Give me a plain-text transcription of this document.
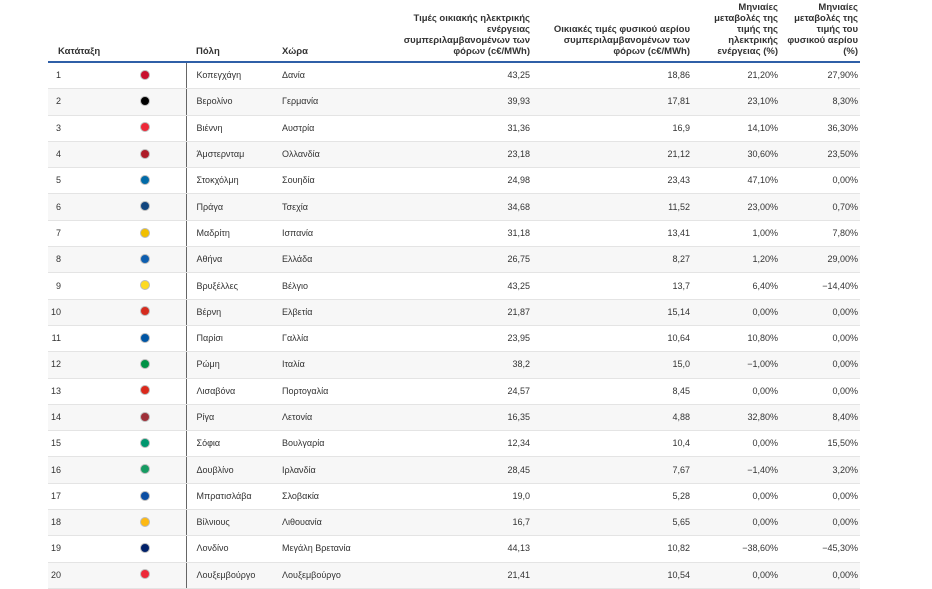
Κατάταξη		Πόλη	Χώρα	Τιμές οικιακής ηλεκτρικής ενέργειας συμπεριλαμβανομένων των φόρων (c€/MWh)	Οικιακές τιμές φυσικού αερίου συμπεριλαμβανομένων των φόρων (c€/MWh)	Μηνιαίες μεταβολές της τιμής της ηλεκτρικής ενέργειας (%)	Μηνιαίες μεταβολές της τιμής του φυσικού αερίου (%)
1		Κοπεγχάγη	Δανία	43,25	18,86	21,20%	27,90%
2		Βερολίνο	Γερμανία	39,93	17,81	23,10%	8,30%
3		Βιέννη	Αυστρία	31,36	16,9	14,10%	36,30%
4		Άμστερνταμ	Ολλανδία	23,18	21,12	30,60%	23,50%
5		Στοκχόλμη	Σουηδία	24,98	23,43	47,10%	0,00%
6		Πράγα	Τσεχία	34,68	11,52	23,00%	0,70%
7		Μαδρίτη	Ισπανία	31,18	13,41	1,00%	7,80%
8		Αθήνα	Ελλάδα	26,75	8,27	1,20%	29,00%
9		Βρυξέλλες	Βέλγιο	43,25	13,7	6,40%	−14,40%
10		Βέρνη	Ελβετία	21,87	15,14	0,00%	0,00%
11		Παρίσι	Γαλλία	23,95	10,64	10,80%	0,00%
12		Ρώμη	Ιταλία	38,2	15,0	−1,00%	0,00%
13		Λισαβόνα	Πορτογαλία	24,57	8,45	0,00%	0,00%
14		Ρίγα	Λετονία	16,35	4,88	32,80%	8,40%
15		Σόφια	Βουλγαρία	12,34	10,4	0,00%	15,50%
16		Δουβλίνο	Ιρλανδία	28,45	7,67	−1,40%	3,20%
17		Μπρατισλάβα	Σλοβακία	19,0	5,28	0,00%	0,00%
18		Βίλνιους	Λιθουανία	16,7	5,65	0,00%	0,00%
19		Λονδίνο	Μεγάλη Βρετανία	44,13	10,82	−38,60%	−45,30%
20		Λουξεμβούργο	Λουξεμβούργο	21,41	10,54	0,00%	0,00%
